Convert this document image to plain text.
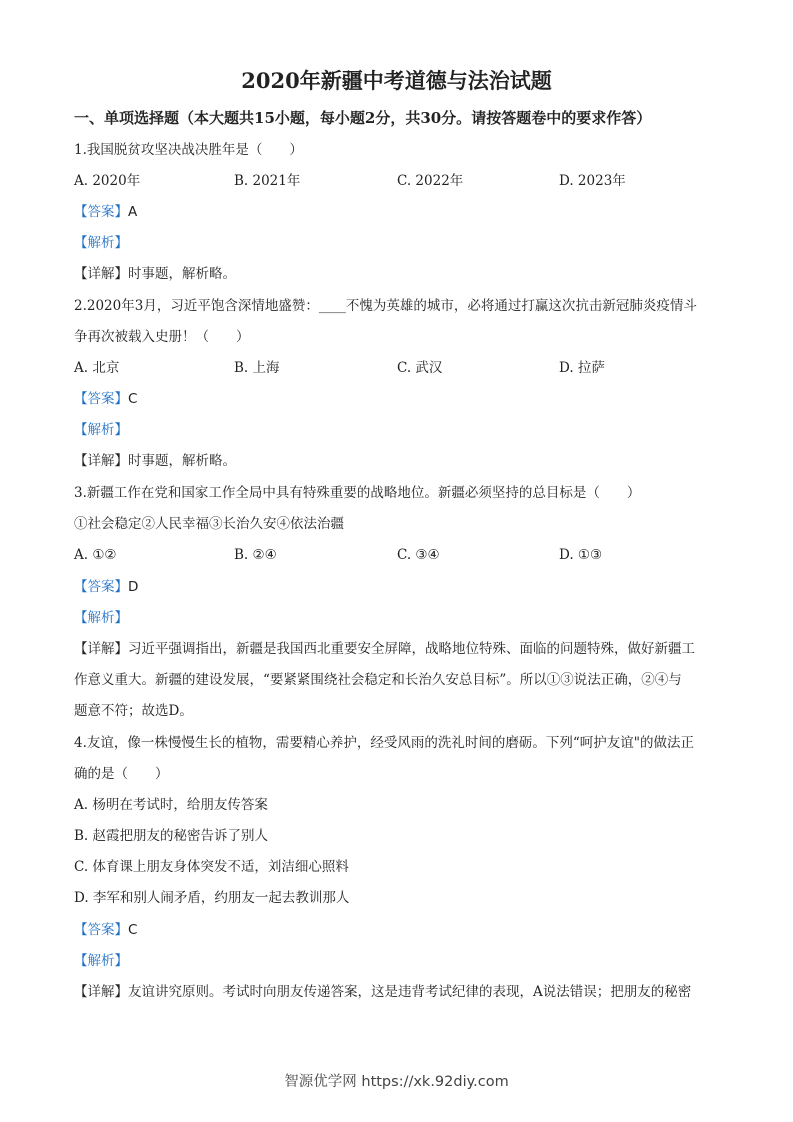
2020年新疆中考道德与法治试题
一、单项选择题（本大题共15小题，每小题2分，共30分。请按答题卷中的要求作答）
1.我国脱贫攻坚决战决胜年是（　　）
A. 2020年	B. 2021年	C. 2022年	D. 2023年
【答案】A
【解析】
【详解】时事题，解析略。
2.2020年3月，习近平饱含深情地盛赞：____不愧为英雄的城市，必将通过打赢这次抗击新冠肺炎疫情斗
争再次被载入史册！（　　）
A. 北京	B. 上海	C. 武汉	D. 拉萨
【答案】C
【解析】
【详解】时事题，解析略。
3.新疆工作在党和国家工作全局中具有特殊重要的战略地位。新疆必须坚持的总目标是（　　）
①社会稳定②人民幸福③长治久安④依法治疆
A. ①②	B. ②④	C. ③④	D. ①③
【答案】D
【解析】
【详解】习近平强调指出，新疆是我国西北重要安全屏障，战略地位特殊、面临的问题特殊，做好新疆工
作意义重大。新疆的建设发展，“要紧紧围绕社会稳定和长治久安总目标”。所以①③说法正确，②④与
题意不符；故选D。
4.友谊，像一株慢慢生长的植物，需要精心养护，经受风雨的洗礼时间的磨砺。下列“呵护友谊"的做法正
确的是（　　）
A. 杨明在考试时，给朋友传答案
B. 赵霞把朋友的秘密告诉了别人
C. 体育课上朋友身体突发不适，刘洁细心照料
D. 李军和别人闹矛盾，约朋友一起去教训那人
【答案】C
【解析】
【详解】友谊讲究原则。考试时向朋友传递答案，这是违背考试纪律的表现，A说法错误；把朋友的秘密
智源优学网 https://xk.92diy.com
